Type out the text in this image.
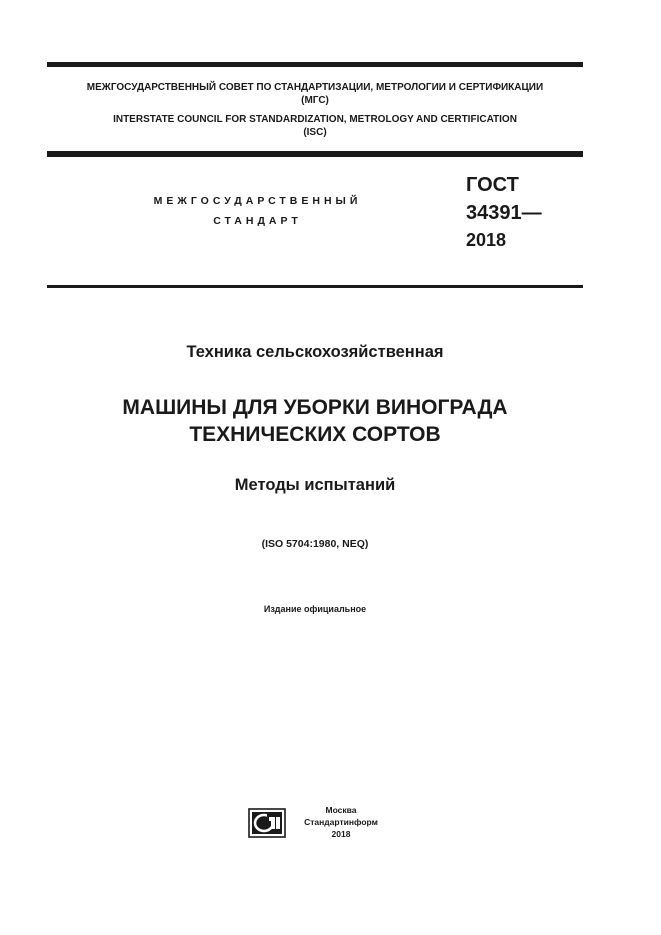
МЕЖГОСУДАРСТВЕННЫЙ СОВЕТ ПО СТАНДАРТИЗАЦИИ, МЕТРОЛОГИИ И СЕРТИФИКАЦИИ
(МГС)
INTERSTATE COUNCIL FOR STANDARDIZATION, METROLOGY AND CERTIFICATION
(ISC)
МЕЖГОСУДАРСТВЕННЫЙ
СТАНДАРТ
ГОСТ
34391—
2018
Техника сельскохозяйственная
МАШИНЫ ДЛЯ УБОРКИ ВИНОГРАДА
ТЕХНИЧЕСКИХ СОРТОВ
Методы испытаний
(ISO 5704:1980, NEQ)
Издание официальное
Москва
Стандартинформ
2018
